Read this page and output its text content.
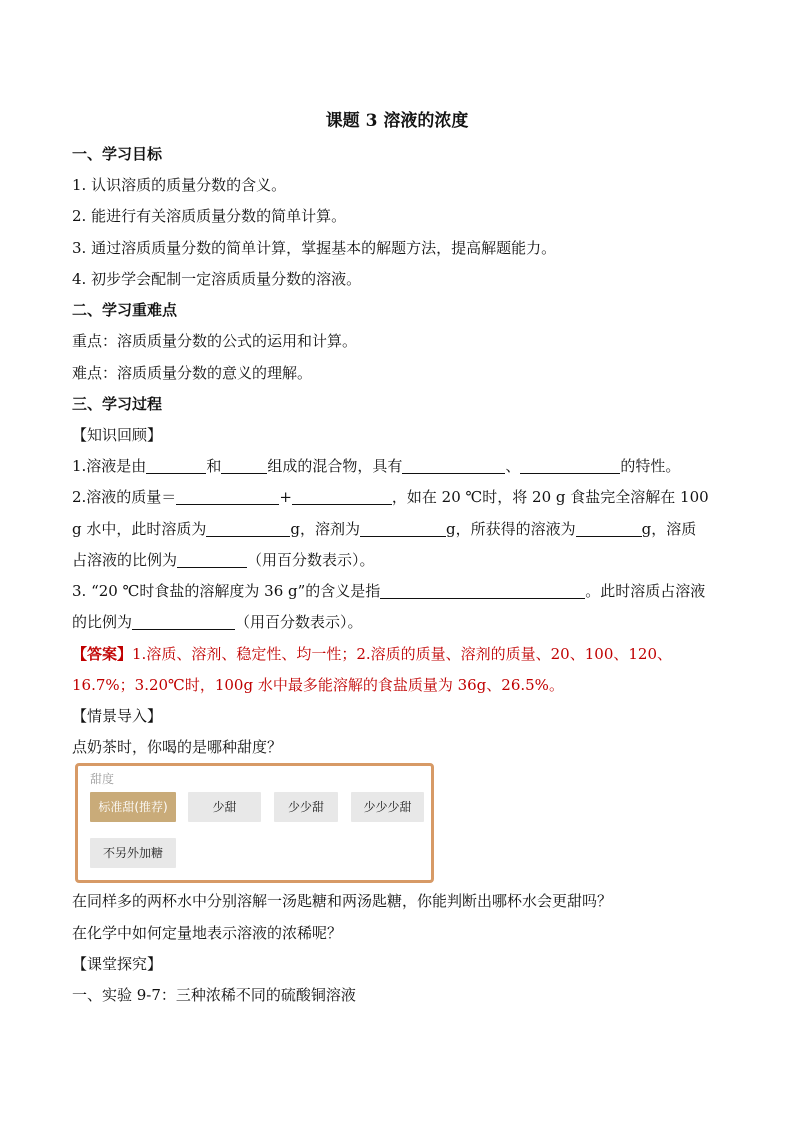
课题 3 溶液的浓度
一、学习目标
1. 认识溶质的质量分数的含义。
2. 能进行有关溶质质量分数的简单计算。
3. 通过溶质质量分数的简单计算，掌握基本的解题方法，提高解题能力。
4. 初步学会配制一定溶质质量分数的溶液。
二、学习重难点
重点：溶质质量分数的公式的运用和计算。
难点：溶质质量分数的意义的理解。
三、学习过程
【知识回顾】
1.溶液是由	和	组成的混合物，具有	、	的特性。
2.溶液的质量＝	+	，如在 20 ℃时，将 20 g 食盐完全溶解在 100
g 水中，此时溶质为	g，溶剂为	g，所获得的溶液为	g，溶质
占溶液的比例为	（用百分数表示）。
3. “20 ℃时食盐的溶解度为 36 g”的含义是指	。此时溶质占溶液
的比例为	（用百分数表示）。
【答案】1.溶质、溶剂、稳定性、均一性；2.溶质的质量、溶剂的质量、20、100、120、
16.7%；3.20℃时，100g 水中最多能溶解的食盐质量为 36g、26.5%。
【情景导入】
点奶茶时，你喝的是哪种甜度？
甜度
标准甜(推荐)	少甜	少少甜	少少少甜
不另外加糖
在同样多的两杯水中分别溶解一汤匙糖和两汤匙糖，你能判断出哪杯水会更甜吗？
在化学中如何定量地表示溶液的浓稀呢？
【课堂探究】
一、实验 9-7：三种浓稀不同的硫酸铜溶液
